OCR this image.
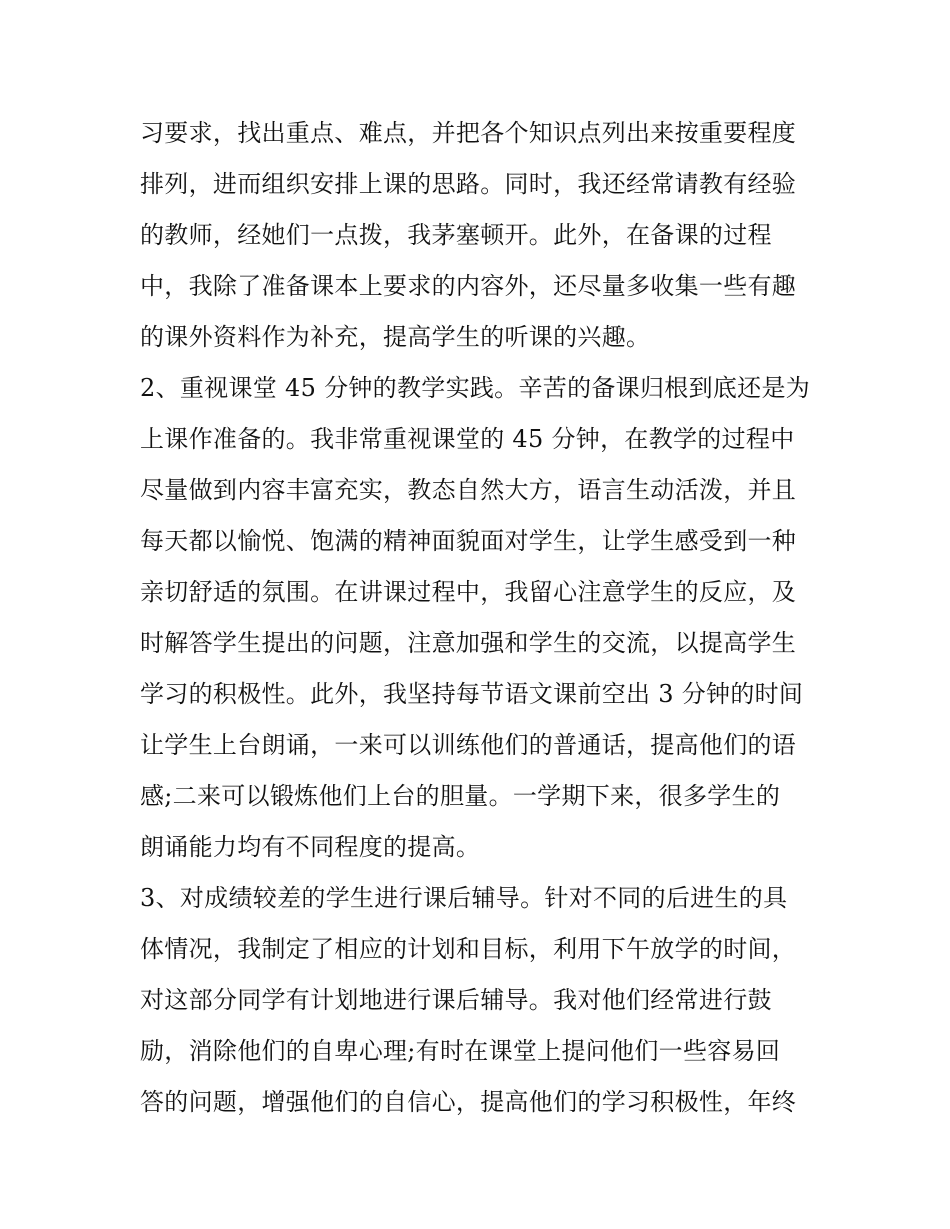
习要求，找出重点、难点，并把各个知识点列出来按重要程度
排列，进而组织安排上课的思路。同时，我还经常请教有经验
的教师，经她们一点拨，我茅塞顿开。此外，在备课的过程
中，我除了准备课本上要求的内容外，还尽量多收集一些有趣
的课外资料作为补充，提高学生的听课的兴趣。
2、重视课堂 45 分钟的教学实践。辛苦的备课归根到底还是为
上课作准备的。我非常重视课堂的 45 分钟，在教学的过程中
尽量做到内容丰富充实，教态自然大方，语言生动活泼，并且
每天都以愉悦、饱满的精神面貌面对学生，让学生感受到一种
亲切舒适的氛围。在讲课过程中，我留心注意学生的反应，及
时解答学生提出的问题，注意加强和学生的交流，以提高学生
学习的积极性。此外，我坚持每节语文课前空出 3 分钟的时间
让学生上台朗诵，一来可以训练他们的普通话，提高他们的语
感;二来可以锻炼他们上台的胆量。一学期下来，很多学生的
朗诵能力均有不同程度的提高。
3、对成绩较差的学生进行课后辅导。针对不同的后进生的具
体情况，我制定了相应的计划和目标，利用下午放学的时间，
对这部分同学有计划地进行课后辅导。我对他们经常进行鼓
励，消除他们的自卑心理;有时在课堂上提问他们一些容易回
答的问题，增强他们的自信心，提高他们的学习积极性，年终
